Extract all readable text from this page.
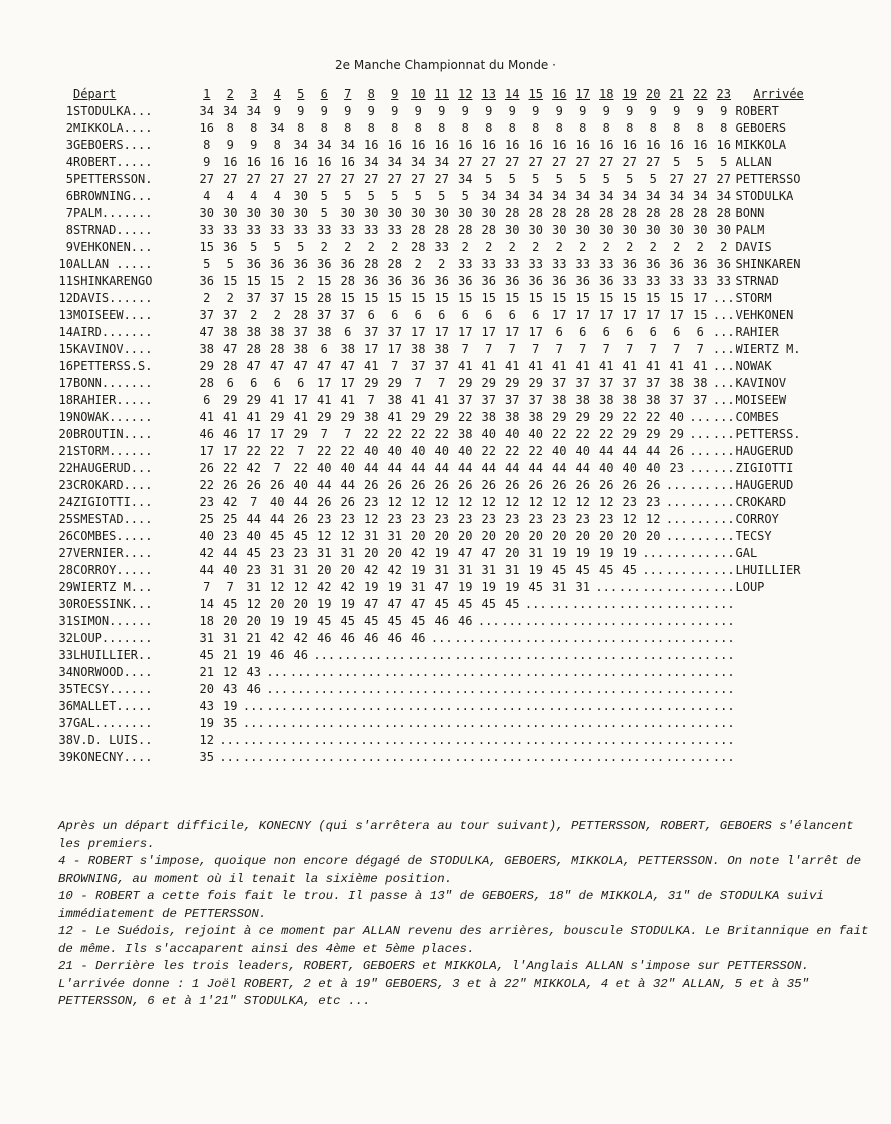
2e Manche Championnat du Monde ·
	Départ	1	2	3	4	5	6	7	8	9	10	11	12	13	14	15	16	17	18	19	20	21	22	23	Arrivée
1	STODULKA...	34	34	34	9	9	9	9	9	9	9	9	9	9	9	9	9	9	9	9	9	9	9	9	ROBERT
2	MIKKOLA....	16	8	8	34	8	8	8	8	8	8	8	8	8	8	8	8	8	8	8	8	8	8	8	GEBOERS
3	GEBOERS....	8	9	9	8	34	34	34	16	16	16	16	16	16	16	16	16	16	16	16	16	16	16	16	MIKKOLA
4	ROBERT.....	9	16	16	16	16	16	16	34	34	34	34	27	27	27	27	27	27	27	27	27	5	5	5	ALLAN
5	PETTERSSON.	27	27	27	27	27	27	27	27	27	27	27	34	5	5	5	5	5	5	5	5	27	27	27	PETTERSSO
6	BROWNING...	4	4	4	4	30	5	5	5	5	5	5	5	34	34	34	34	34	34	34	34	34	34	34	STODULKA
7	PALM.......	30	30	30	30	30	5	30	30	30	30	30	30	30	28	28	28	28	28	28	28	28	28	28	BONN
8	STRNAD.....	33	33	33	33	33	33	33	33	33	28	28	28	28	30	30	30	30	30	30	30	30	30	30	PALM
9	VEHKONEN...	15	36	5	5	5	2	2	2	2	28	33	2	2	2	2	2	2	2	2	2	2	2	2	DAVIS
10	ALLAN .....	5	5	36	36	36	36	36	28	28	2	2	33	33	33	33	33	33	33	36	36	36	36	36	SHINKAREN
11	SHINKARENGO	36	15	15	15	2	15	28	36	36	36	36	36	36	36	36	36	36	36	33	33	33	33	33	STRNAD
12	DAVIS......	2	2	37	37	15	28	15	15	15	15	15	15	15	15	15	15	15	15	15	15	15	17	...	STORM
13	MOISEEW....	37	37	2	2	28	37	37	6	6	6	6	6	6	6	6	17	17	17	17	17	17	15	...	VEHKONEN
14	AIRD.......	47	38	38	38	37	38	6	37	37	17	17	17	17	17	17	6	6	6	6	6	6	6	...	RAHIER
15	KAVINOV....	38	47	28	28	38	6	38	17	17	38	38	7	7	7	7	7	7	7	7	7	7	7	...	WIERTZ M.
16	PETTERSS.S.	29	28	47	47	47	47	47	41	7	37	37	41	41	41	41	41	41	41	41	41	41	41	...	NOWAK
17	BONN.......	28	6	6	6	6	17	17	29	29	7	7	29	29	29	29	37	37	37	37	37	38	38	...	KAVINOV
18	RAHIER.....	6	29	29	41	17	41	41	7	38	41	41	37	37	37	37	38	38	38	38	38	37	37	...	MOISEEW
19	NOWAK......	41	41	41	29	41	29	29	38	41	29	29	22	38	38	38	29	29	29	22	22	40	...	...	COMBES
20	BROUTIN....	46	46	17	17	29	7	7	22	22	22	22	38	40	40	40	22	22	22	29	29	29	...	...	PETTERSS.
21	STORM......	17	17	22	22	7	22	22	40	40	40	40	40	22	22	22	40	40	44	44	44	26	...	...	HAUGERUD
22	HAUGERUD...	26	22	42	7	22	40	40	44	44	44	44	44	44	44	44	44	44	40	40	40	23	...	...	ZIGIOTTI
23	CROKARD....	22	26	26	26	40	44	44	26	26	26	26	26	26	26	26	26	26	26	26	26	...	...	...	HAUGERUD
24	ZIGIOTTI...	23	42	7	40	44	26	26	23	12	12	12	12	12	12	12	12	12	12	23	23	...	...	...	CROKARD
25	SMESTAD....	25	25	44	44	26	23	23	12	23	23	23	23	23	23	23	23	23	23	12	12	...	...	...	CORROY
26	COMBES.....	40	23	40	45	45	12	12	31	31	20	20	20	20	20	20	20	20	20	20	20	...	...	...	TECSY
27	VERNIER....	42	44	45	23	23	31	31	20	20	42	19	47	47	20	31	19	19	19	19	...	...	...	...	GAL
28	CORROY.....	44	40	23	31	31	20	20	42	42	19	31	31	31	31	19	45	45	45	45	...	...	...	...	LHUILLIER
29	WIERTZ M...	7	7	31	12	12	42	42	19	19	31	47	19	19	19	45	31	31	...	...	...	...	...	...	LOUP
30	ROESSINK...	14	45	12	20	20	19	19	47	47	47	45	45	45	45	...	...	...	...	...	...	...	...	...	
31	SIMON......	18	20	20	19	19	45	45	45	45	45	46	46	...	...	...	...	...	...	...	...	...	...	...	
32	LOUP.......	31	31	21	42	42	46	46	46	46	46	...	...	...	...	...	...	...	...	...	...	...	...	...	
33	LHUILLIER..	45	21	19	46	46	...	...	...	...	...	...	...	...	...	...	...	...	...	...	...	...	...	...	
34	NORWOOD....	21	12	43	...	...	...	...	...	...	...	...	...	...	...	...	...	...	...	...	...	...	...	...	
35	TECSY......	20	43	46	...	...	...	...	...	...	...	...	...	...	...	...	...	...	...	...	...	...	...	...	
36	MALLET.....	43	19	...	...	...	...	...	...	...	...	...	...	...	...	...	...	...	...	...	...	...	...	...	
37	GAL........	19	35	...	...	...	...	...	...	...	...	...	...	...	...	...	...	...	...	...	...	...	...	...	
38	V.D. LUIS..	12	...	...	...	...	...	...	...	...	...	...	...	...	...	...	...	...	...	...	...	...	...	...	
39	KONECNY....	35	...	...	...	...	...	...	...	...	...	...	...	...	...	...	...	...	...	...	...	...	...	...	

Après un départ difficile, KONECNY (qui s'arrêtera au tour suivant), PETTERSSON, ROBERT, GEBOERS s'élancent les premiers.

4 - ROBERT s'impose, quoique non encore dégagé de STODULKA, GEBOERS, MIKKOLA, PETTERSSON. On note l'arrêt de BROWNING, au moment où il tenait la sixième position.

10 - ROBERT a cette fois fait le trou. Il passe à 13" de GEBOERS, 18" de MIKKOLA, 31" de STODULKA suivi immédiatement de PETTERSSON.

12 - Le Suédois, rejoint à ce moment par ALLAN revenu des arrières, bouscule STODULKA. Le Britannique en fait de même. Ils s'accaparent ainsi des 4ème et 5ème places.

21 - Derrière les trois leaders, ROBERT, GEBOERS et MIKKOLA, l'Anglais ALLAN s'impose sur PETTERSSON.

L'arrivée donne : 1 Joël ROBERT, 2 et à 19" GEBOERS, 3 et à 22" MIKKOLA, 4 et à 32" ALLAN, 5 et à 35" PETTERSSON, 6 et à 1'21" STODULKA, etc ...
